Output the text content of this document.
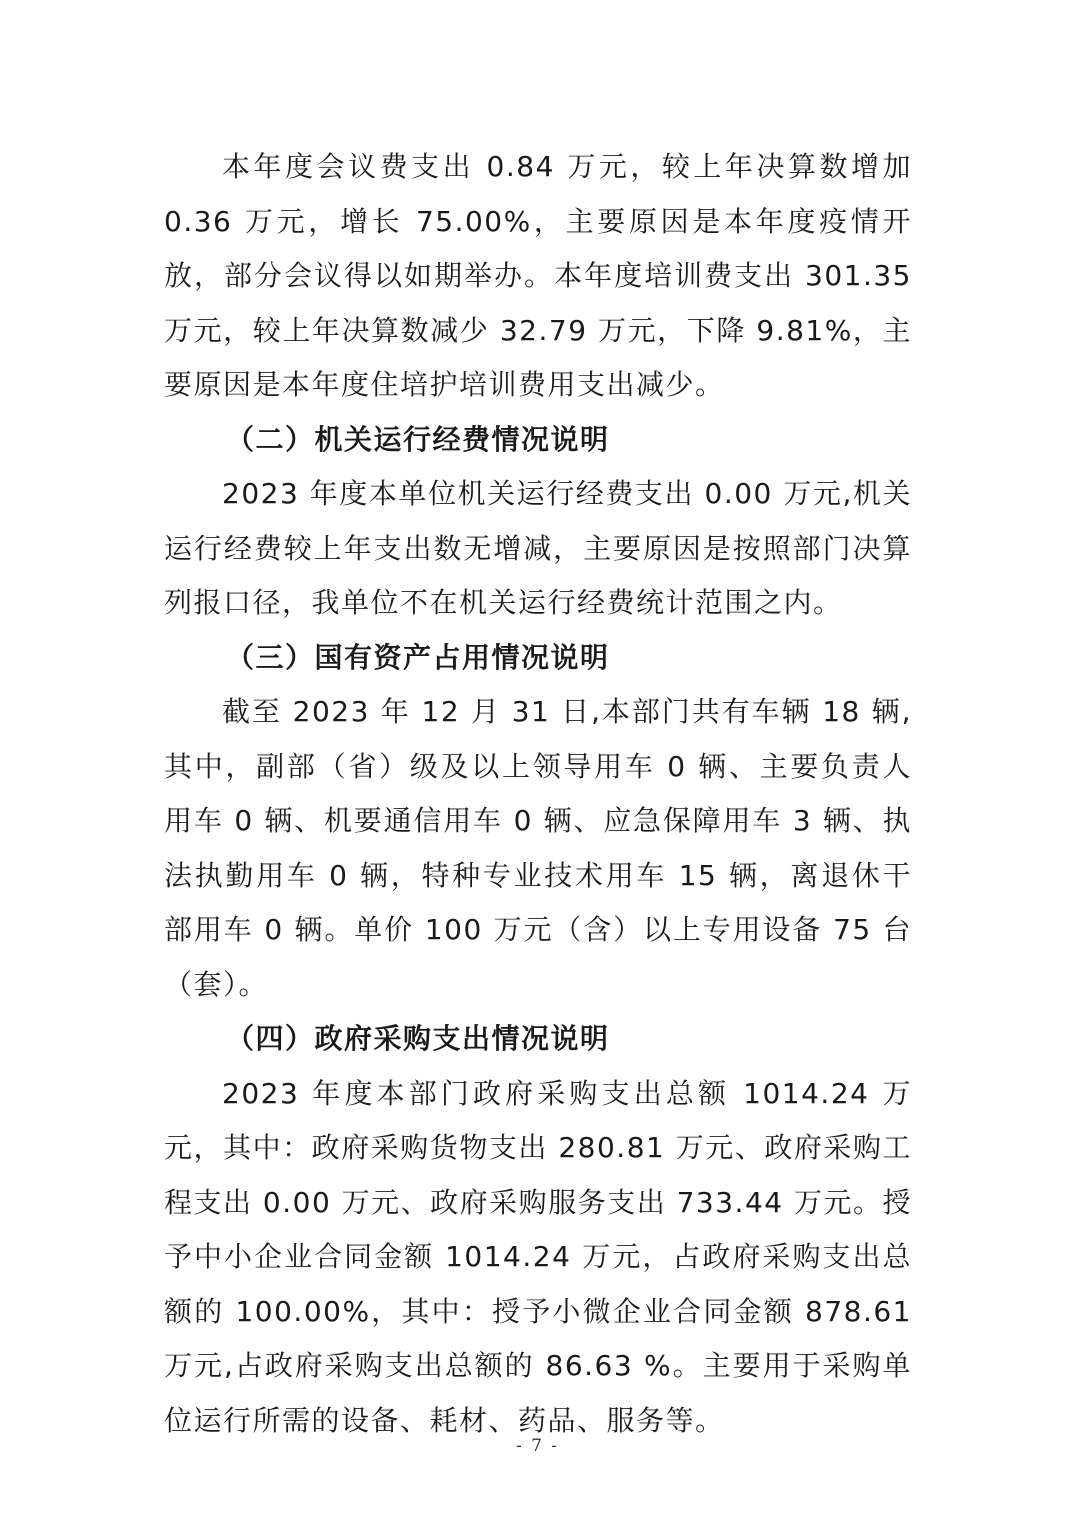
本年度会议费支出 0.84 万元，较上年决算数增加 0.36 万元，增长 75.00%，主要原因是本年度疫情开放，部分会议得以如期举办。本年度培训费支出 301.35 万元，较上年决算数减少 32.79 万元，下降 9.81%，主要原因是本年度住培护培训费用支出减少。

（二）机关运行经费情况说明

2023 年度本单位机关运行经费支出 0.00 万元,机关运行经费较上年支出数无增减，主要原因是按照部门决算列报口径，我单位不在机关运行经费统计范围之内。

（三）国有资产占用情况说明

截至 2023 年 12 月 31 日,本部门共有车辆 18 辆,其中，副部（省）级及以上领导用车 0 辆、主要负责人用车 0 辆、机要通信用车 0 辆、应急保障用车 3 辆、执法执勤用车 0 辆，特种专业技术用车 15 辆，离退休干部用车 0 辆。单价 100 万元（含）以上专用设备 75 台（套）。

（四）政府采购支出情况说明

2023 年度本部门政府采购支出总额 1014.24 万元，其中：政府采购货物支出 280.81 万元、政府采购工程支出 0.00 万元、政府采购服务支出 733.44 万元。授予中小企业合同金额 1014.24 万元，占政府采购支出总额的 100.00%，其中：授予小微企业合同金额 878.61 万元,占政府采购支出总额的 86.63 %。主要用于采购单位运行所需的设备、耗材、药品、服务等。

- 7 -
